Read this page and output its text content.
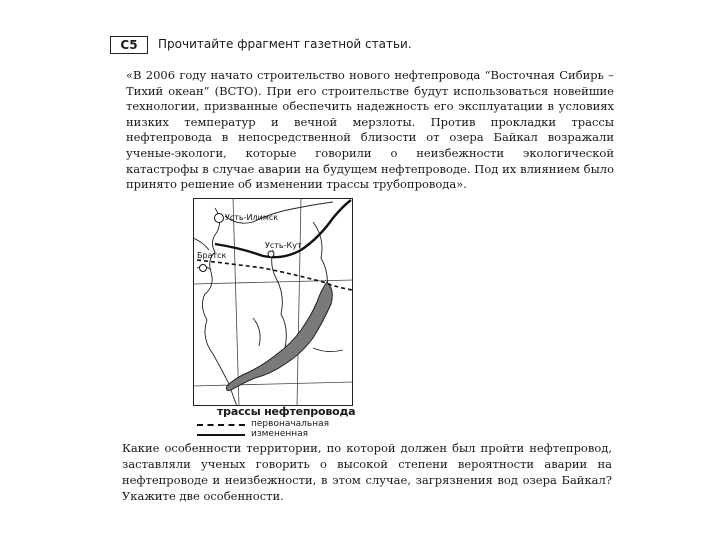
С5	Прочитайте фрагмент газетной статьи.

«В 2006 году начато строительство нового нефтепровода “Восточная Сибирь – Тихий океан” (ВСТО). При его строительстве будут использоваться новейшие технологии, призванные обеспечить надежность его эксплуатации в условиях низких температур и вечной мерзлоты. Против прокладки трассы нефтепровода в непосредственной близости от озера Байкал возражали ученые-экологи, которые говорили о неизбежности экологической катастрофы в случае аварии на будущем нефтепроводе. Под их влиянием было принято решение об изменении трассы трубопровода».

Усть-Илимск
Усть-Кут
Братск
трассы нефтепровода
первоначальная
измененная

Какие особенности территории, по которой должен был пройти нефтепровод, заставляли ученых говорить о высокой степени вероятности аварии на нефтепроводе и неизбежности, в этом случае, загрязнения вод озера Байкал? Укажите две особенности.
